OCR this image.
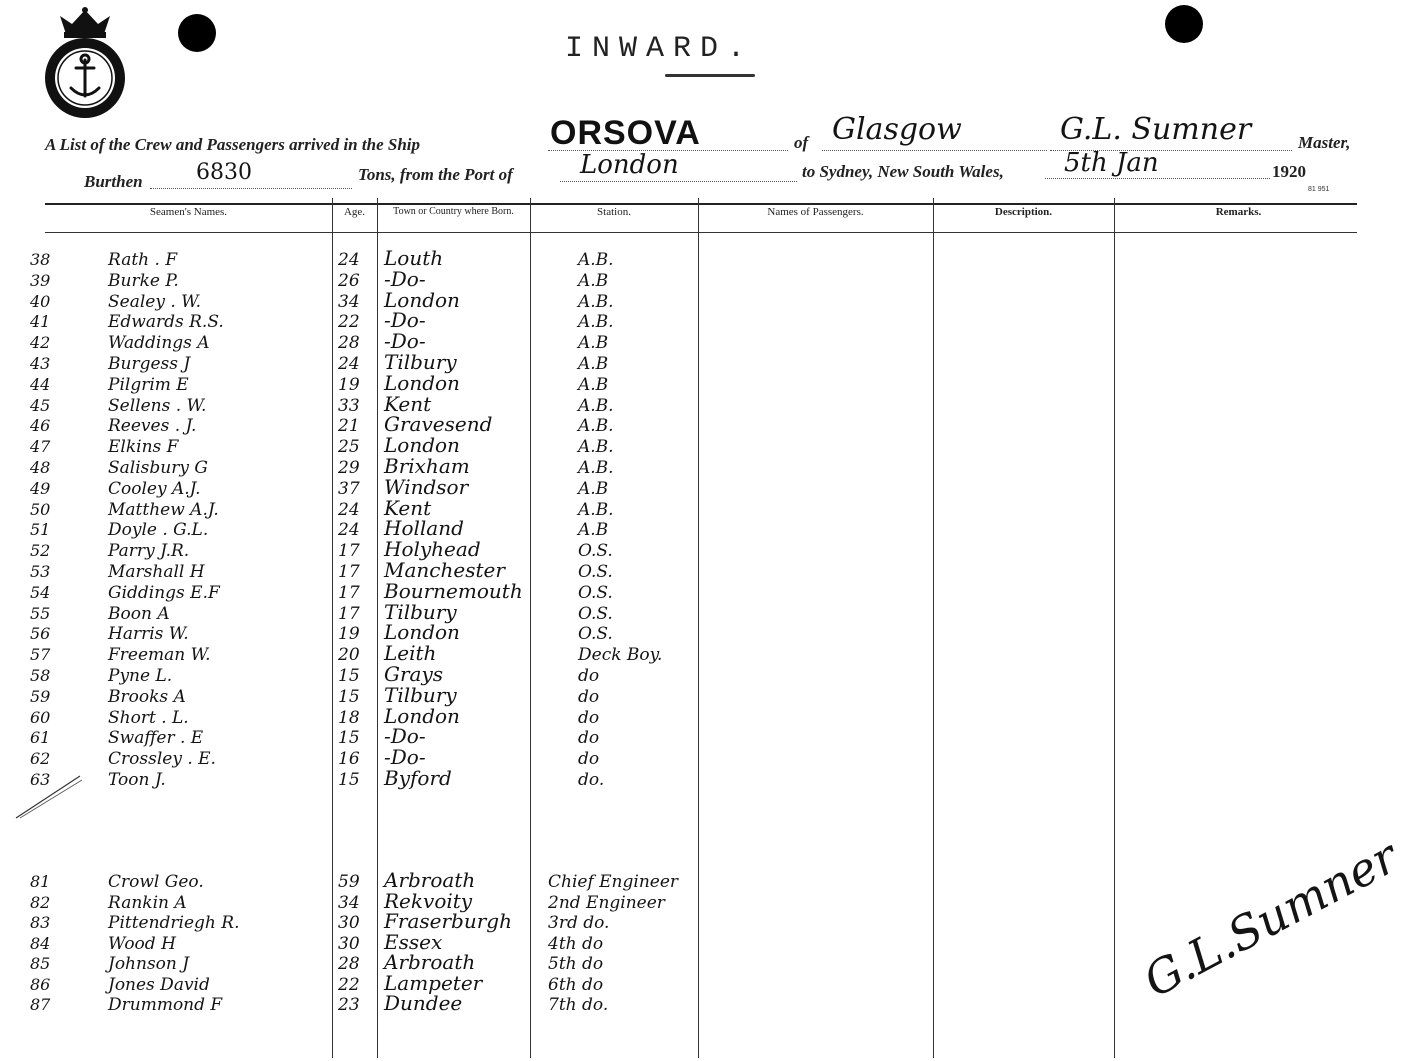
INWARD.
A List of the Crew and Passengers arrived in the Ship	ORSOVA	of Glasgow	G.L. Sumner	Master,
Burthen 6830	Tons, from the Port of	London	to Sydney, New South Wales, 5th Jan	1920
81 951
Seamen's Names.	Age.	Town or Country where Born.	Station.	Names of Passengers.	Description.	Remarks.
38	Rath . F	24 Louth	A.B.
39	Burke P.	26 -Do-	A.B
40	Sealey . W.	34 London	A.B.
41	Edwards R.S.	22 -Do-	A.B.
42	Waddings A	28 -Do-	A.B
43	Burgess J	24 Tilbury	A.B
44	Pilgrim E	19 London	A.B
45	Sellens . W.	33 Kent	A.B.
46	Reeves . J.	21 Gravesend	A.B.
47	Elkins F	25 London	A.B.
48	Salisbury G	29 Brixham	A.B.
49	Cooley A.J.	37 Windsor	A.B
50	Matthew A.J.	24 Kent	A.B.
51	Doyle . G.L.	24 Holland	A.B
52	Parry J.R.	17 Holyhead	O.S.
53	Marshall H	17 Manchester	O.S.
54	Giddings E.F	17 Bournemouth	O.S.
55	Boon A	17 Tilbury	O.S.
56	Harris W.	19 London	O.S.
57	Freeman W.	20 Leith	Deck Boy.
58	Pyne L.	15 Grays	do
59	Brooks A	15 Tilbury	do
60	Short . L.	18 London	do
61	Swaffer . E	15 -Do-	do
62	Crossley . E.	16 -Do-	do
63	Toon J.	15 Byford	do.
81	Crowl Geo.	59 Arbroath	Chief Engineer
82	Rankin A	34 Rekvoity	2nd Engineer
83	Pittendriegh R.	30 Fraserburgh 3rd do.
84	Wood H	30 Essex	4th do
85	Johnson J	28 Arbroath	5th do
86	Jones David	22 Lampeter	6th do
87	Drummond F	23 Dundee	7th do.	G.L.Sumner
